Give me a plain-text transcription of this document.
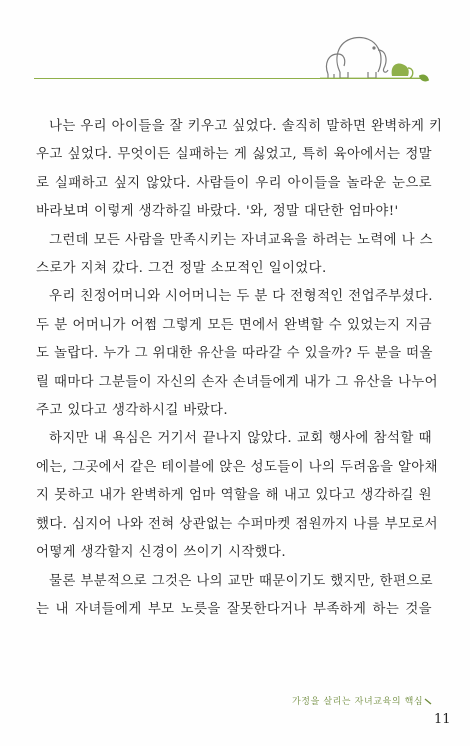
나는 우리 아이들을 잘 키우고 싶었다. 솔직히 말하면 완벽하게 키
우고 싶었다. 무엇이든 실패하는 게 싫었고, 특히 육아에서는 정말
로 실패하고 싶지 않았다. 사람들이 우리 아이들을 놀라운 눈으로
바라보며 이렇게 생각하길 바랐다. '와, 정말 대단한 엄마야!'
그런데 모든 사람을 만족시키는 자녀교육을 하려는 노력에 나 스
스로가 지쳐 갔다. 그건 정말 소모적인 일이었다.
우리 친정어머니와 시어머니는 두 분 다 전형적인 전업주부셨다.
두 분 어머니가 어쩜 그렇게 모든 면에서 완벽할 수 있었는지 지금
도 놀랍다. 누가 그 위대한 유산을 따라갈 수 있을까? 두 분을 떠올
릴 때마다 그분들이 자신의 손자 손녀들에게 내가 그 유산을 나누어
주고 있다고 생각하시길 바랐다.
하지만 내 욕심은 거기서 끝나지 않았다. 교회 행사에 참석할 때
에는, 그곳에서 같은 테이블에 앉은 성도들이 나의 두려움을 알아채
지 못하고 내가 완벽하게 엄마 역할을 해 내고 있다고 생각하길 원
했다. 심지어 나와 전혀 상관없는 수퍼마켓 점원까지 나를 부모로서
어떻게 생각할지 신경이 쓰이기 시작했다.
물론 부분적으로 그것은 나의 교만 때문이기도 했지만, 한편으로
는 내 자녀들에게 부모 노릇을 잘못한다거나 부족하게 하는 것을
가정을 살리는 자녀교육의 핵심
11
